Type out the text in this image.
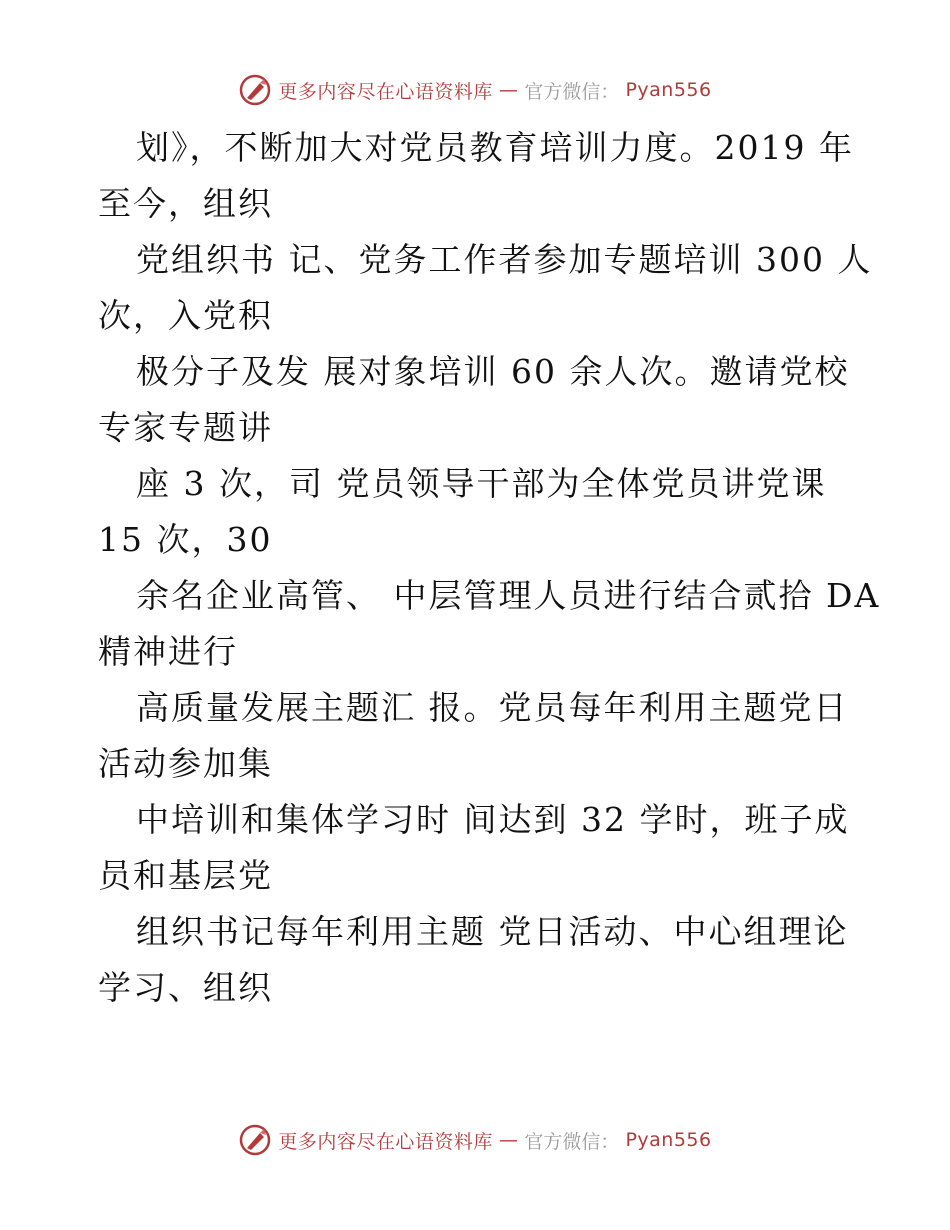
更多内容尽在心语资料库 — 官方微信： Pyan556

划》，不断加大对党员教育培训力度。2019 年

至今，组织

党组织书 记、党务工作者参加专题培训 300 人

次，入党积

极分子及发 展对象培训 60 余人次。邀请党校

专家专题讲

座 3 次，司 党员领导干部为全体党员讲党课

15 次，30

余名企业高管、 中层管理人员进行结合贰拾 DA

精神进行

高质量发展主题汇 报。党员每年利用主题党日

活动参加集

中培训和集体学习时 间达到 32 学时，班子成

员和基层党

组织书记每年利用主题 党日活动、中心组理论

学习、组织

更多内容尽在心语资料库 — 官方微信： Pyan556
